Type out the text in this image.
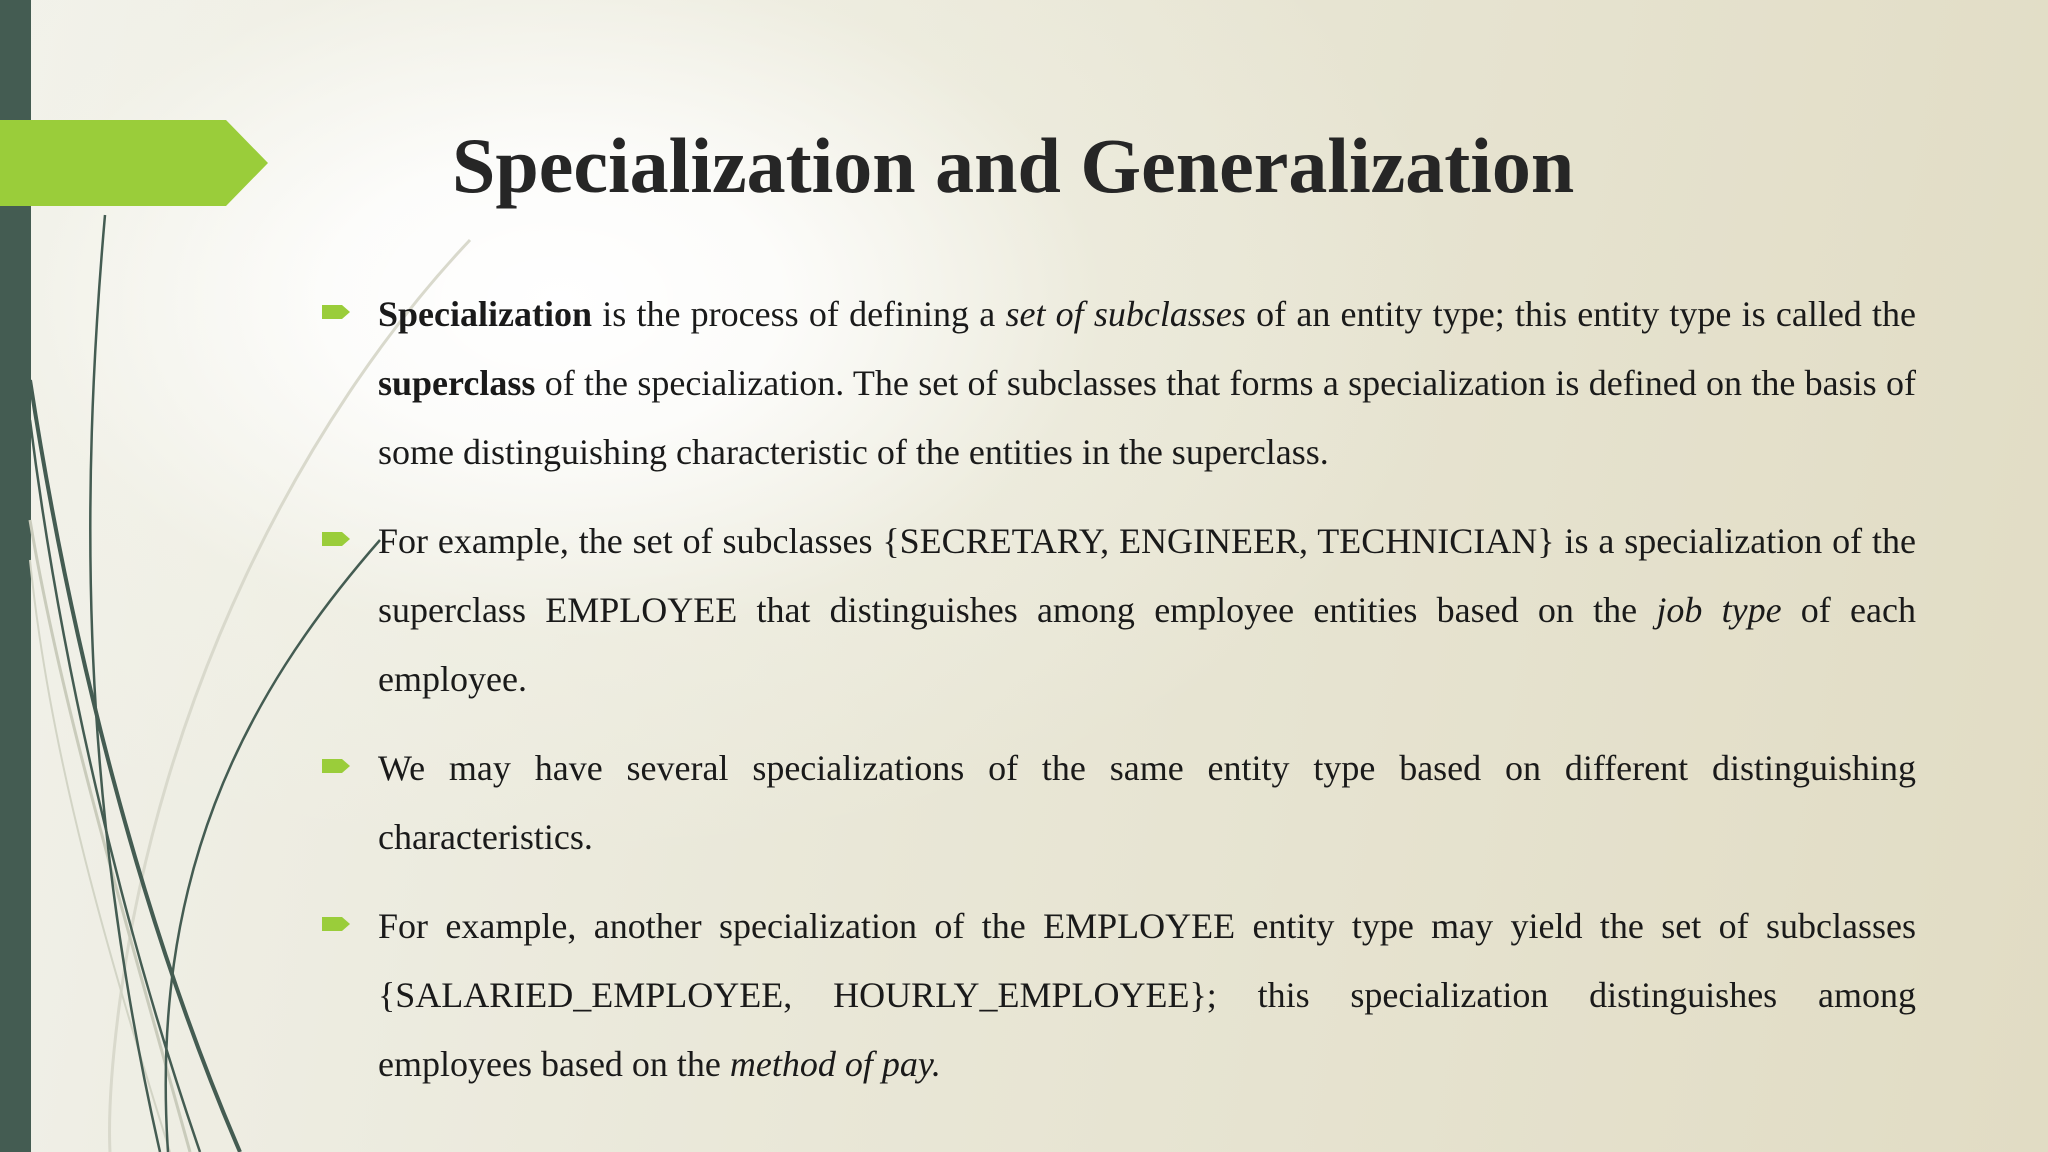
Specialization and Generalization

Specialization is the process of defining a set of subclasses of an entity type; this entity type is called the superclass of the specialization. The set of subclasses that forms a specialization is defined on the basis of some distinguishing characteristic of the entities in the superclass.

For example, the set of subclasses {SECRETARY, ENGINEER, TECHNICIAN} is a specialization of the superclass EMPLOYEE that distinguishes among employee entities based on the job type of each employee.

We may have several specializations of the same entity type based on different distinguishing characteristics.

For example, another specialization of the EMPLOYEE entity type may yield the set of subclasses {SALARIED_EMPLOYEE, HOURLY_EMPLOYEE}; this specialization distinguishes among employees based on the method of pay.
